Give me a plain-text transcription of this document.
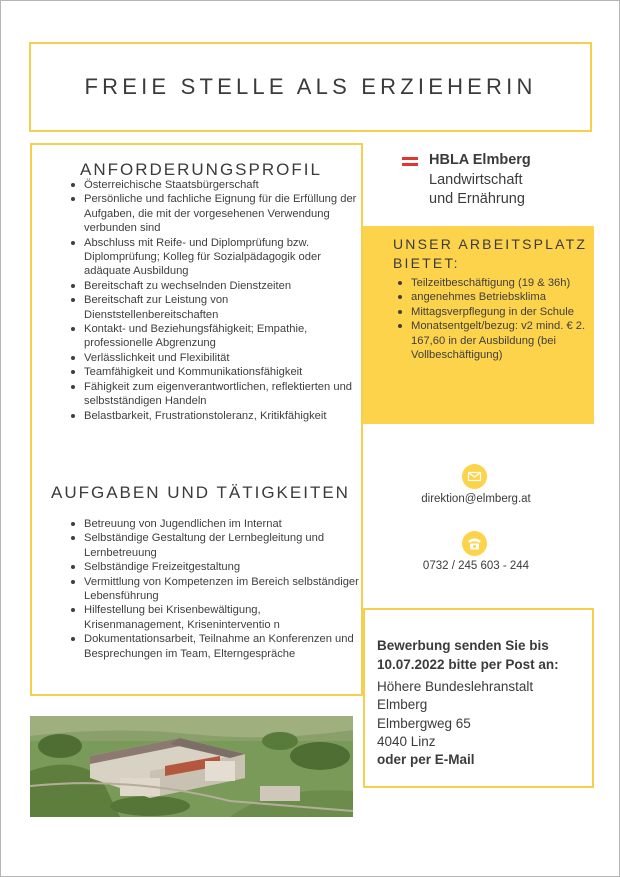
FREIE STELLE ALS ERZIEHERIN
ANFORDERUNGSPROFIL
Österreichische Staatsbürgerschaft
Persönliche und fachliche Eignung für die Erfüllung der Aufgaben, die mit der vorgesehenen Verwendung verbunden sind
Abschluss mit Reife- und Diplomprüfung bzw. Diplomprüfung; Kolleg für Sozialpädagogik oder adäquate Ausbildung
Bereitschaft zu wechselnden Dienstzeiten
Bereitschaft zur Leistung von Dienststellenbereitschaften
Kontakt- und Beziehungsfähigkeit; Empathie, professionelle Abgrenzung
Verlässlichkeit und Flexibilität
Teamfähigkeit und Kommunikationsfähigkeit
Fähigkeit zum eigenverantwortlichen, reflektierten und selbstständigen Handeln
Belastbarkeit, Frustrationstoleranz, Kritikfähigkeit
AUFGABEN UND TÄTIGKEITEN
Betreuung von Jugendlichen im Internat
Selbständige Gestaltung der Lernbegleitung und Lernbetreuung
Selbständige Freizeitgestaltung
Vermittlung von Kompetenzen im Bereich selbständiger Lebensführung
Hilfestellung bei Krisenbewältigung, Krisenmanagement, Kriseninterventio n
Dokumentationsarbeit, Teilnahme an Konferenzen und Besprechungen im Team, Elterngespräche
HBLA Elmberg
Landwirtschaft
und Ernährung
UNSER ARBEITSPLATZ
BIETET:
Teilzeitbeschäftigung (19 & 36h)
angenehmes Betriebsklima
Mittagsverpflegung in der Schule
Monatsentgelt/bezug: v2 mind. € 2. 167,60 in der Ausbildung (bei Vollbeschäftigung)
direktion@elmberg.at
0732 / 245 603 - 244
Bewerbung senden Sie bis
10.07.2022 bitte per Post an:
Höhere Bundeslehranstalt
Elmberg
Elmbergweg 65
4040 Linz
oder per E-Mail
